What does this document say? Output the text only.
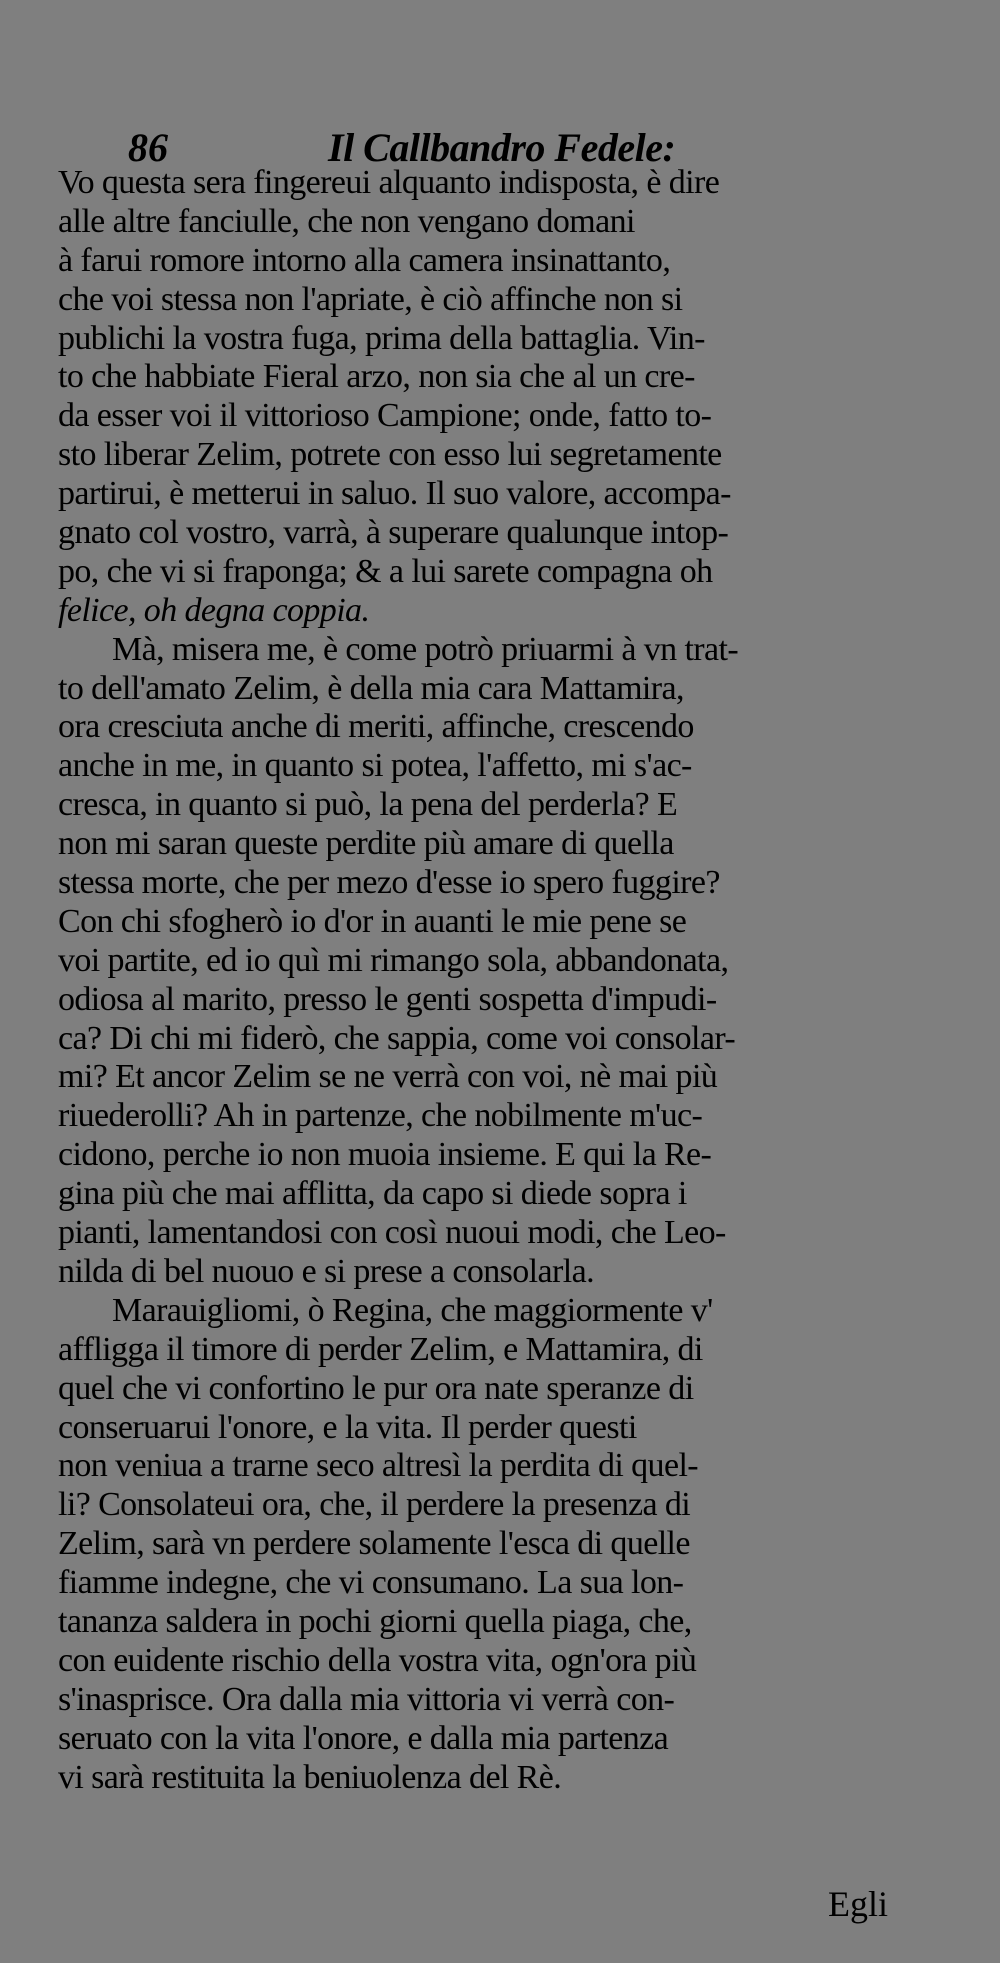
86	Il Callbandro Fedele:
Vo questa sera fingereui alquanto indisposta, è dire
alle altre fanciulle, che non vengano domani
à farui romore intorno alla camera insinattanto,
che voi stessa non l'apriate, è ciò affinche non si
publichi la vostra fuga, prima della battaglia. Vin-
to che habbiate Fieral arzo, non sia che al un cre-
da esser voi il vittorioso Campione; onde, fatto to-
sto liberar Zelim, potrete con esso lui segretamente
partirui, è metterui in saluo. Il suo valore, accompa-
gnato col vostro, varrà, à superare qualunque intop-
po, che vi si fraponga; & a lui sarete compagna oh
felice, oh degna coppia.
Mà, misera me, è come potrò priuarmi à vn trat-
to dell'amato Zelim, è della mia cara Mattamira,
ora cresciuta anche di meriti, affinche, crescendo
anche in me, in quanto si potea, l'affetto, mi s'ac-
cresca, in quanto si può, la pena del perderla? E
non mi saran queste perdite più amare di quella
stessa morte, che per mezo d'esse io spero fuggire?
Con chi sfogherò io d'or in auanti le mie pene se
voi partite, ed io quì mi rimango sola, abbandonata,
odiosa al marito, presso le genti sospetta d'impudi-
ca? Di chi mi fiderò, che sappia, come voi consolar-
mi? Et ancor Zelim se ne verrà con voi, nè mai più
riuederolli? Ah in partenze, che nobilmente m'uc-
cidono, perche io non muoia insieme. E qui la Re-
gina più che mai afflitta, da capo si diede sopra i
pianti, lamentandosi con così nuoui modi, che Leo-
nilda di bel nuouo e si prese a consolarla.
Marauigliomi, ò Regina, che maggiormente v'
affligga il timore di perder Zelim, e Mattamira, di
quel che vi confortino le pur ora nate speranze di
conseruarui l'onore, e la vita. Il perder questi
non veniua a trarne seco altresì la perdita di quel-
li? Consolateui ora, che, il perdere la presenza di
Zelim, sarà vn perdere solamente l'esca di quelle
fiamme indegne, che vi consumano. La sua lon-
tananza saldera in pochi giorni quella piaga, che,
con euidente rischio della vostra vita, ogn'ora più
s'inasprisce. Ora dalla mia vittoria vi verrà con-
seruato con la vita l'onore, e dalla mia partenza
vi sarà restituita la beniuolenza del Rè.
Egli
